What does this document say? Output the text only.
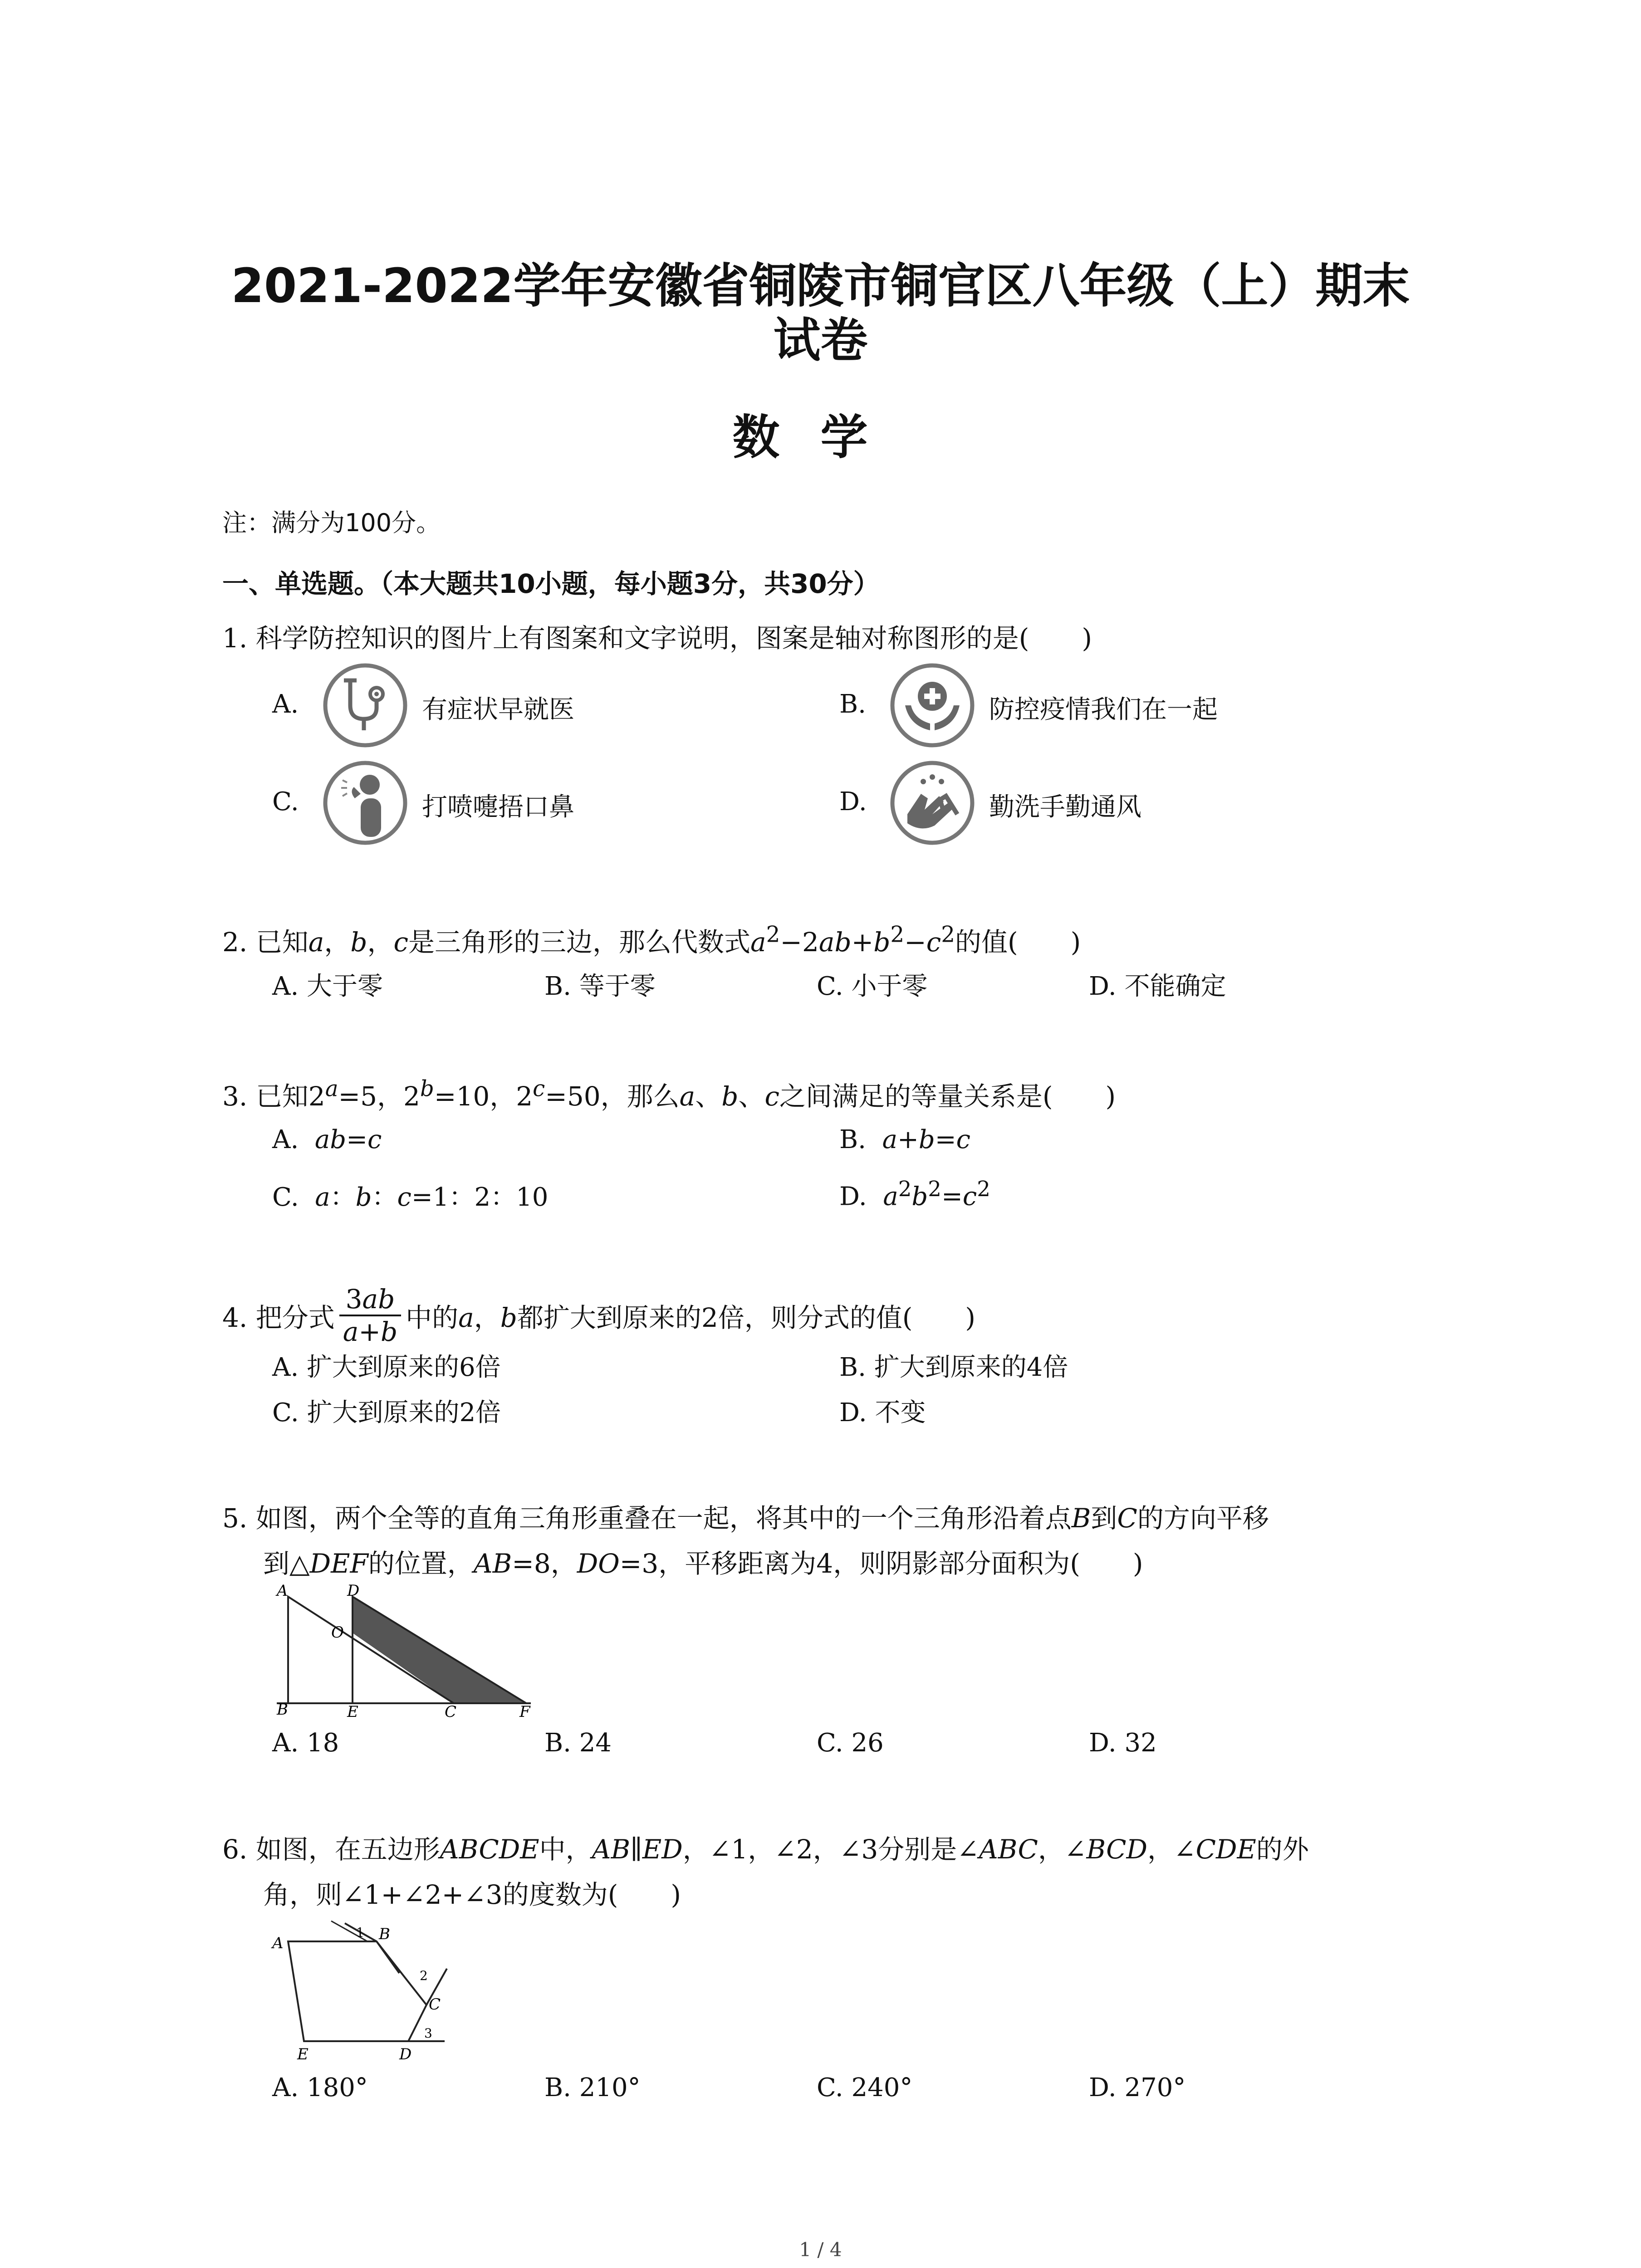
2021-2022学年安徽省铜陵市铜官区八年级（上）期末
试卷
数学
注：满分为100分。
一、单选题。（本大题共10小题，每小题3分，共30分）
1. 科学防控知识的图片上有图案和文字说明，图案是轴对称图形的是(　　)
A.	有症状早就医	B.	防控疫情我们在一起
C.	打喷嚏捂口鼻	D.	勤洗手勤通风
2. 已知a，b，c是三角形的三边，那么代数式$a^2-2ab+b^2-c^2$的值(　　)
A. 大于零	B. 等于零	C. 小于零	D. 不能确定
3. 已知$2^a=5$，$2^b=10$，$2^c=50$，那么a、b、c之间满足的等量关系是(　　)
A. ab=c	B. a+b=c
C. a：b：c=1：2：10	D. $a^2b^2=c^2$
4. 把分式 $\frac{3ab}{a+b}$ 中的a，b都扩大到原来的2倍，则分式的值(　　)
A. 扩大到原来的6倍	B. 扩大到原来的4倍
C. 扩大到原来的2倍	D. 不变
5. 如图，两个全等的直角三角形重叠在一起，将其中的一个三角形沿着点B到C的方向平移
到△DEF的位置，AB=8，DO=3，平移距离为4，则阴影部分面积为(　　)
A
B	C
D
E	F
O
A. 18	B. 24	C. 26	D. 32
6. 如图，在五边形ABCDE中，AB∥ED，∠1，∠2，∠3分别是∠ABC，∠BCD，∠CDE的外
角，则∠1+∠2+∠3的度数为(　　)
A	B
C
D
E
1
2
3
A. 180°	B. 210°	C. 240°	D. 270°
1 / 4
